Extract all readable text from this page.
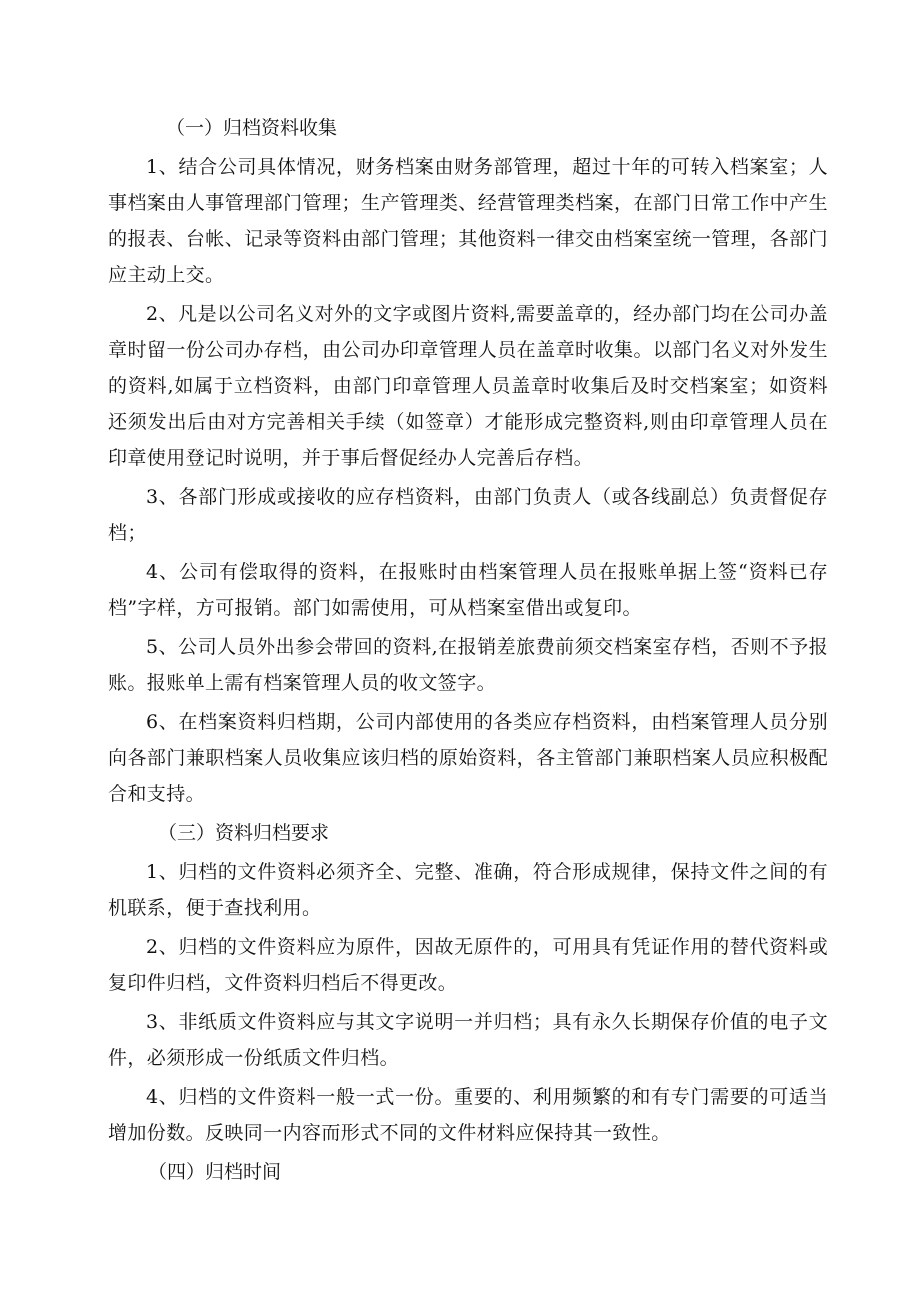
（一）归档资料收集

1、结合公司具体情况，财务档案由财务部管理，超过十年的可转入档案室；人事档案由人事管理部门管理；生产管理类、经营管理类档案，在部门日常工作中产生的报表、台帐、记录等资料由部门管理；其他资料一律交由档案室统一管理，各部门应主动上交。

2、凡是以公司名义对外的文字或图片资料,需要盖章的，经办部门均在公司办盖章时留一份公司办存档，由公司办印章管理人员在盖章时收集。以部门名义对外发生的资料,如属于立档资料，由部门印章管理人员盖章时收集后及时交档案室；如资料还须发出后由对方完善相关手续（如签章）才能形成完整资料,则由印章管理人员在印章使用登记时说明，并于事后督促经办人完善后存档。

3、各部门形成或接收的应存档资料，由部门负责人（或各线副总）负责督促存档；

4、公司有偿取得的资料，在报账时由档案管理人员在报账单据上签“资料已存档”字样，方可报销。部门如需使用，可从档案室借出或复印。

5、公司人员外出参会带回的资料,在报销差旅费前须交档案室存档，否则不予报账。报账单上需有档案管理人员的收文签字。

6、在档案资料归档期，公司内部使用的各类应存档资料，由档案管理人员分别向各部门兼职档案人员收集应该归档的原始资料，各主管部门兼职档案人员应积极配合和支持。

（三）资料归档要求

1、归档的文件资料必须齐全、完整、准确，符合形成规律，保持文件之间的有机联系，便于查找利用。

2、归档的文件资料应为原件，因故无原件的，可用具有凭证作用的替代资料或复印件归档，文件资料归档后不得更改。

3、非纸质文件资料应与其文字说明一并归档；具有永久长期保存价值的电子文件，必须形成一份纸质文件归档。

4、归档的文件资料一般一式一份。重要的、利用频繁的和有专门需要的可适当增加份数。反映同一内容而形式不同的文件材料应保持其一致性。

（四）归档时间
